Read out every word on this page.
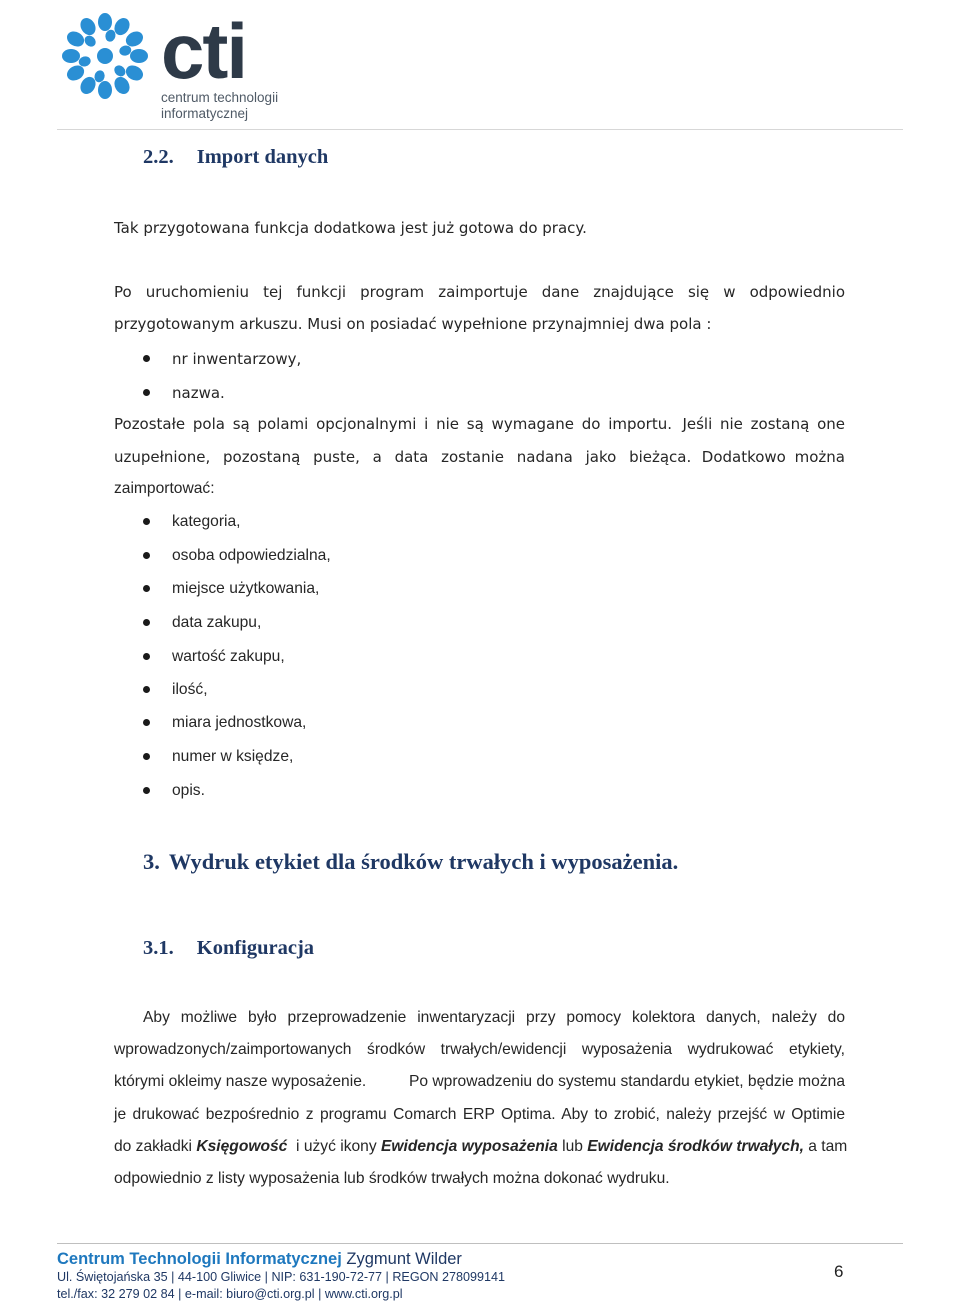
cti
centrum technologii
informatycznej
2.2. Import danych
Tak przygotowana funkcja dodatkowa jest już gotowa do pracy.
Po uruchomieniu tej funkcji program zaimportuje dane znajdujące się w odpowiednio
przygotowanym arkuszu. Musi on posiadać wypełnione przynajmniej dwa pola :
nr inwentarzowy,
nazwa.
Pozostałe pola są polami opcjonalnymi i nie są wymagane do importu. Jeśli nie zostaną one
uzupełnione, pozostaną puste, a data zostanie nadana jako bieżąca. Dodatkowo można
zaimportować:
kategoria,
osoba odpowiedzialna,
miejsce użytkowania,
data zakupu,
wartość zakupu,
ilość,
miara jednostkowa,
numer w księdze,
opis.
3. Wydruk etykiet dla środków trwałych i wyposażenia.
3.1. Konfiguracja
Aby możliwe było przeprowadzenie inwentaryzacji przy pomocy kolektora danych, należy do
wprowadzonych/zaimportowanych środków trwałych/ewidencji wyposażenia wydrukować etykiety,
którymi okleimy nasze wyposażenie.	Po wprowadzeniu do systemu standardu etykiet, będzie można
je drukować bezpośrednio z programu Comarch ERP Optima. Aby to zrobić, należy przejść w Optimie
do zakładki Księgowość i użyć ikony Ewidencja wyposażenia lub Ewidencja środków trwałych, a tam
odpowiednio z listy wyposażenia lub środków trwałych można dokonać wydruku.
Centrum Technologii Informatycznej Zygmunt Wilder
Ul. Świętojańska 35 | 44-100 Gliwice | NIP: 631-190-72-77 | REGON 278099141
tel./fax: 32 279 02 84 | e-mail: biuro@cti.org.pl | www.cti.org.pl
6
